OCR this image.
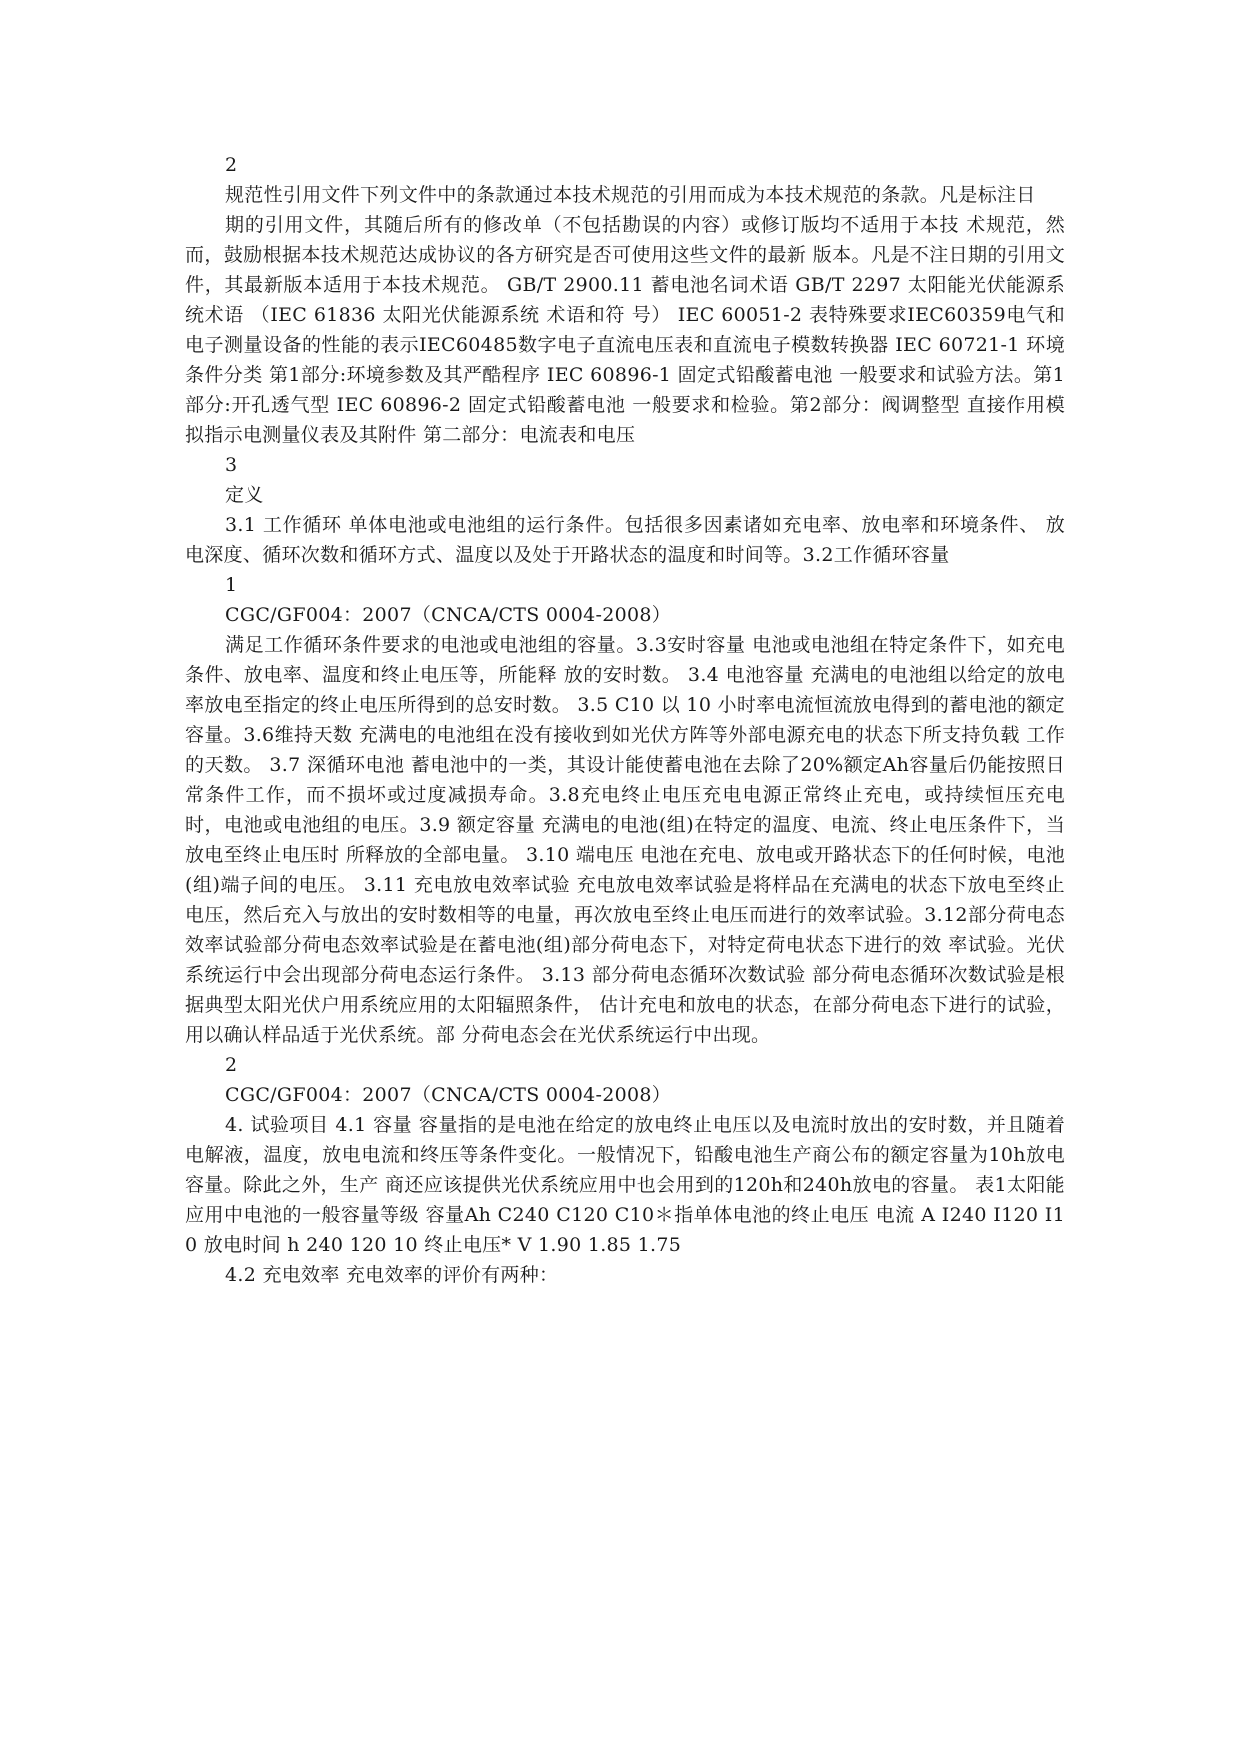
2

规范性引用文件下列文件中的条款通过本技术规范的引用而成为本技术规范的条款。凡是标注日

期的引用文件，其随后所有的修改单（不包括勘误的内容）或修订版均不适用于本技 术规范，然而，鼓励根据本技术规范达成协议的各方研究是否可使用这些文件的最新 版本。凡是不注日期的引用文件，其最新版本适用于本技术规范。 GB/T 2900.11 蓄电池名词术语 GB/T 2297 太阳能光伏能源系统术语 （IEC 61836 太阳光伏能源系统 术语和符 号） IEC 60051-2 表特殊要求IEC60359电气和电子测量设备的性能的表示IEC60485数字电子直流电压表和直流电子模数转换器 IEC 60721-1 环境条件分类 第1部分:环境参数及其严酷程序 IEC 60896-1 固定式铅酸蓄电池 一般要求和试验方法。第1部分:开孔透气型 IEC 60896-2 固定式铅酸蓄电池 一般要求和检验。第2部分：阀调整型 直接作用模拟指示电测量仪表及其附件 第二部分：电流表和电压

3

定义

3.1 工作循环 单体电池或电池组的运行条件。包括很多因素诸如充电率、放电率和环境条件、 放电深度、循环次数和循环方式、温度以及处于开路状态的温度和时间等。3.2工作循环容量

1

CGC/GF004：2007（CNCA/CTS 0004-2008）

满足工作循环条件要求的电池或电池组的容量。3.3安时容量 电池或电池组在特定条件下，如充电条件、放电率、温度和终止电压等，所能释 放的安时数。 3.4 电池容量 充满电的电池组以给定的放电率放电至指定的终止电压所得到的总安时数。 3.5 C10 以 10 小时率电流恒流放电得到的蓄电池的额定容量。3.6维持天数 充满电的电池组在没有接收到如光伏方阵等外部电源充电的状态下所支持负载 工作的天数。 3.7 深循环电池 蓄电池中的一类，其设计能使蓄电池在去除了20%额定Ah容量后仍能按照日常条件工作，而不损坏或过度减损寿命。3.8充电终止电压充电电源正常终止充电，或持续恒压充电时，电池或电池组的电压。3.9 额定容量 充满电的电池(组)在特定的温度、电流、终止电压条件下，当放电至终止电压时 所释放的全部电量。 3.10 端电压 电池在充电、放电或开路状态下的任何时候，电池(组)端子间的电压。 3.11 充电放电效率试验 充电放电效率试验是将样品在充满电的状态下放电至终止电压，然后充入与放出的安时数相等的电量，再次放电至终止电压而进行的效率试验。3.12部分荷电态效率试验部分荷电态效率试验是在蓄电池(组)部分荷电态下，对特定荷电状态下进行的效 率试验。光伏系统运行中会出现部分荷电态运行条件。 3.13 部分荷电态循环次数试验 部分荷电态循环次数试验是根据典型太阳光伏户用系统应用的太阳辐照条件， 估计充电和放电的状态，在部分荷电态下进行的试验，用以确认样品适于光伏系统。部 分荷电态会在光伏系统运行中出现。

2

CGC/GF004：2007（CNCA/CTS 0004-2008）

4. 试验项目 4.1 容量 容量指的是电池在给定的放电终止电压以及电流时放出的安时数，并且随着电解液，温度，放电电流和终压等条件变化。一般情况下，铅酸电池生产商公布的额定容量为10h放电容量。除此之外，生产 商还应该提供光伏系统应用中也会用到的120h和240h放电的容量。 表1太阳能应用中电池的一般容量等级 容量Ah C240 C120 C10＊指单体电池的终止电压 电流 A I240 I120 I10 放电时间 h 240 120 10 终止电压* V 1.90 1.85 1.75

4.2 充电效率 充电效率的评价有两种：
